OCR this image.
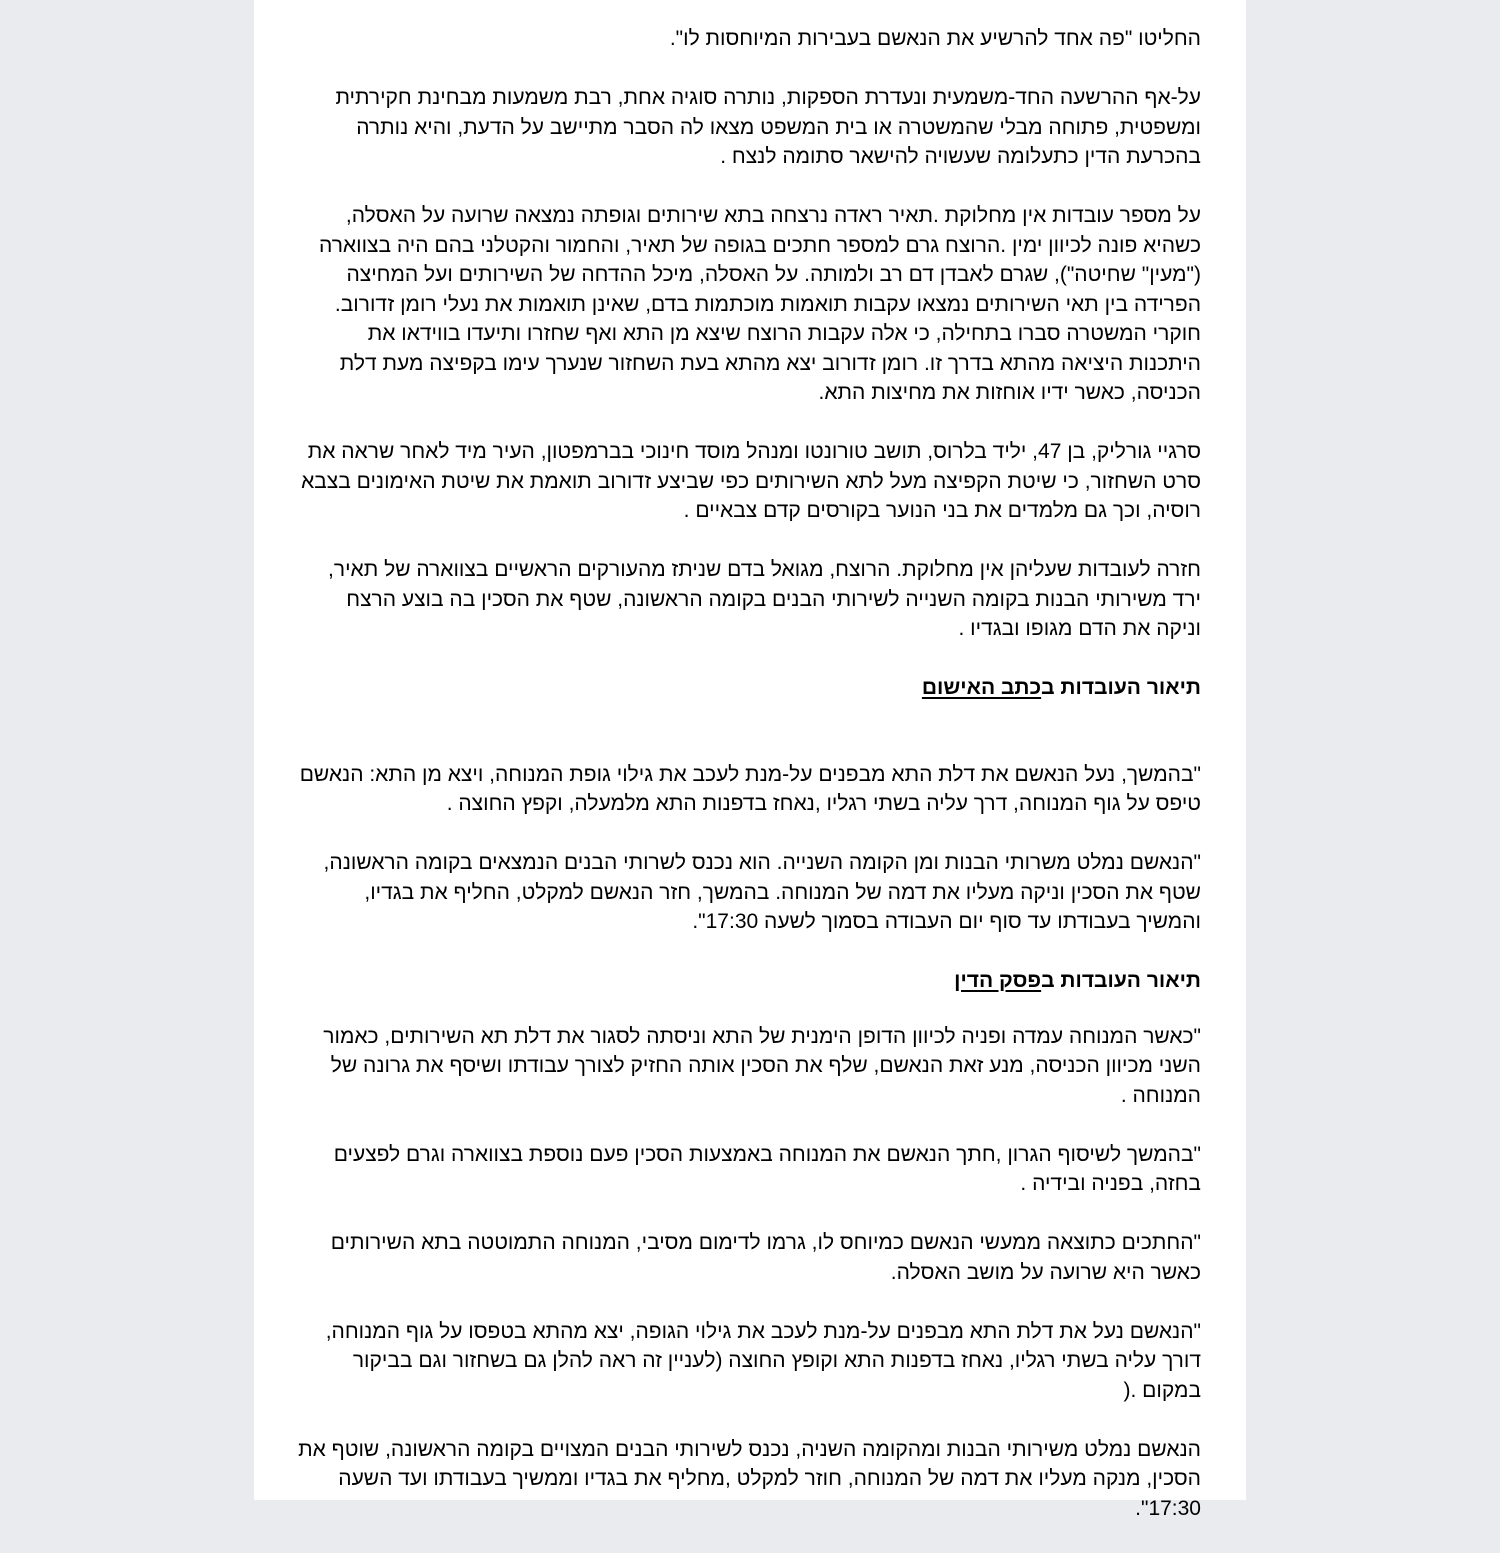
החליטו "פה אחד להרשיע את הנאשם בעבירות המיוחסות לו".

על-אף ההרשעה החד-משמעית ונעדרת הספקות, נותרה סוגיה אחת, רבת משמעות מבחינת חקירתית ומשפטית, פתוחה מבלי שהמשטרה או בית המשפט מצאו לה הסבר מתיישב על הדעת, והיא נותרה בהכרעת הדין כתעלומה שעשויה להישאר סתומה לנצח .

על מספר עובדות אין מחלוקת .תאיר ראדה נרצחה בתא שירותים וגופתה נמצאה שרועה על האסלה, כשהיא פונה לכיוון ימין .הרוצח גרם למספר חתכים בגופה של תאיר, והחמור והקטלני בהם היה בצווארה ("מעין" שחיטה"), שגרם לאבדן דם רב ולמותה. על האסלה, מיכל ההדחה של השירותים ועל המחיצה הפרידה בין תאי השירותים נמצאו עקבות תואמות מוכתמות בדם, שאינן תואמות את נעלי רומן זדורוב. חוקרי המשטרה סברו בתחילה, כי אלה עקבות הרוצח שיצא מן התא ואף שחזרו ותיעדו בווידאו את היתכנות היציאה מהתא בדרך זו. רומן זדורוב יצא מהתא בעת השחזור שנערך עימו בקפיצה מעת דלת הכניסה, כאשר ידיו אוחזות את מחיצות התא.

סרגיי גורליק, בן 47, יליד בלרוס, תושב טורונטו ומנהל מוסד חינוכי בברמפטון, העיר מיד לאחר שראה את סרט השחזור, כי שיטת הקפיצה מעל לתא השירותים כפי שביצע זדורוב תואמת את שיטת האימונים בצבא רוסיה, וכך גם מלמדים את בני הנוער בקורסים קדם צבאיים .

חזרה לעובדות שעליהן אין מחלוקת. הרוצח, מגואל בדם שניתז מהעורקים הראשיים בצווארה של תאיר, ירד משירותי הבנות בקומה השנייה לשירותי הבנים בקומה הראשונה, שטף את הסכין בה בוצע הרצח וניקה את הדם מגופו ובגדיו .

תיאור העובדות בכתב האישום

"בהמשך, נעל הנאשם את דלת התא מבפנים על-מנת לעכב את גילוי גופת המנוחה, ויצא מן התא: הנאשם טיפס על גוף המנוחה, דרך עליה בשתי רגליו ,נאחז בדפנות התא מלמעלה, וקפץ החוצה .

"הנאשם נמלט משרותי הבנות ומן הקומה השנייה. הוא נכנס לשרותי הבנים הנמצאים בקומה הראשונה, שטף את הסכין וניקה מעליו את דמה של המנוחה. בהמשך, חזר הנאשם למקלט, החליף את בגדיו, והמשיך בעבודתו עד סוף יום העבודה בסמוך לשעה 17:30".

תיאור העובדות בפסק הדין

"כאשר המנוחה עמדה ופניה לכיוון הדופן הימנית של התא וניסתה לסגור את דלת תא השירותים, כאמור השני מכיוון הכניסה, מנע זאת הנאשם, שלף את הסכין אותה החזיק לצורך עבודתו ושיסף את גרונה של המנוחה .

"בהמשך לשיסוף הגרון ,חתך הנאשם את המנוחה באמצעות הסכין פעם נוספת בצווארה וגרם לפצעים בחזה, בפניה ובידיה .

"החתכים כתוצאה ממעשי הנאשם כמיוחס לו, גרמו לדימום מסיבי, המנוחה התמוטטה בתא השירותים כאשר היא שרועה על מושב האסלה.

"הנאשם נעל את דלת התא מבפנים על-מנת לעכב את גילוי הגופה, יצא מהתא בטפסו על גוף המנוחה, דורך עליה בשתי רגליו, נאחז בדפנות התא וקופץ החוצה (לעניין זה ראה להלן גם בשחזור וגם בביקור במקום .(

הנאשם נמלט משירותי הבנות ומהקומה השניה, נכנס לשירותי הבנים המצויים בקומה הראשונה, שוטף את הסכין, מנקה מעליו את דמה של המנוחה, חוזר למקלט ,מחליף את בגדיו וממשיך בעבודתו ועד השעה 17:30".
